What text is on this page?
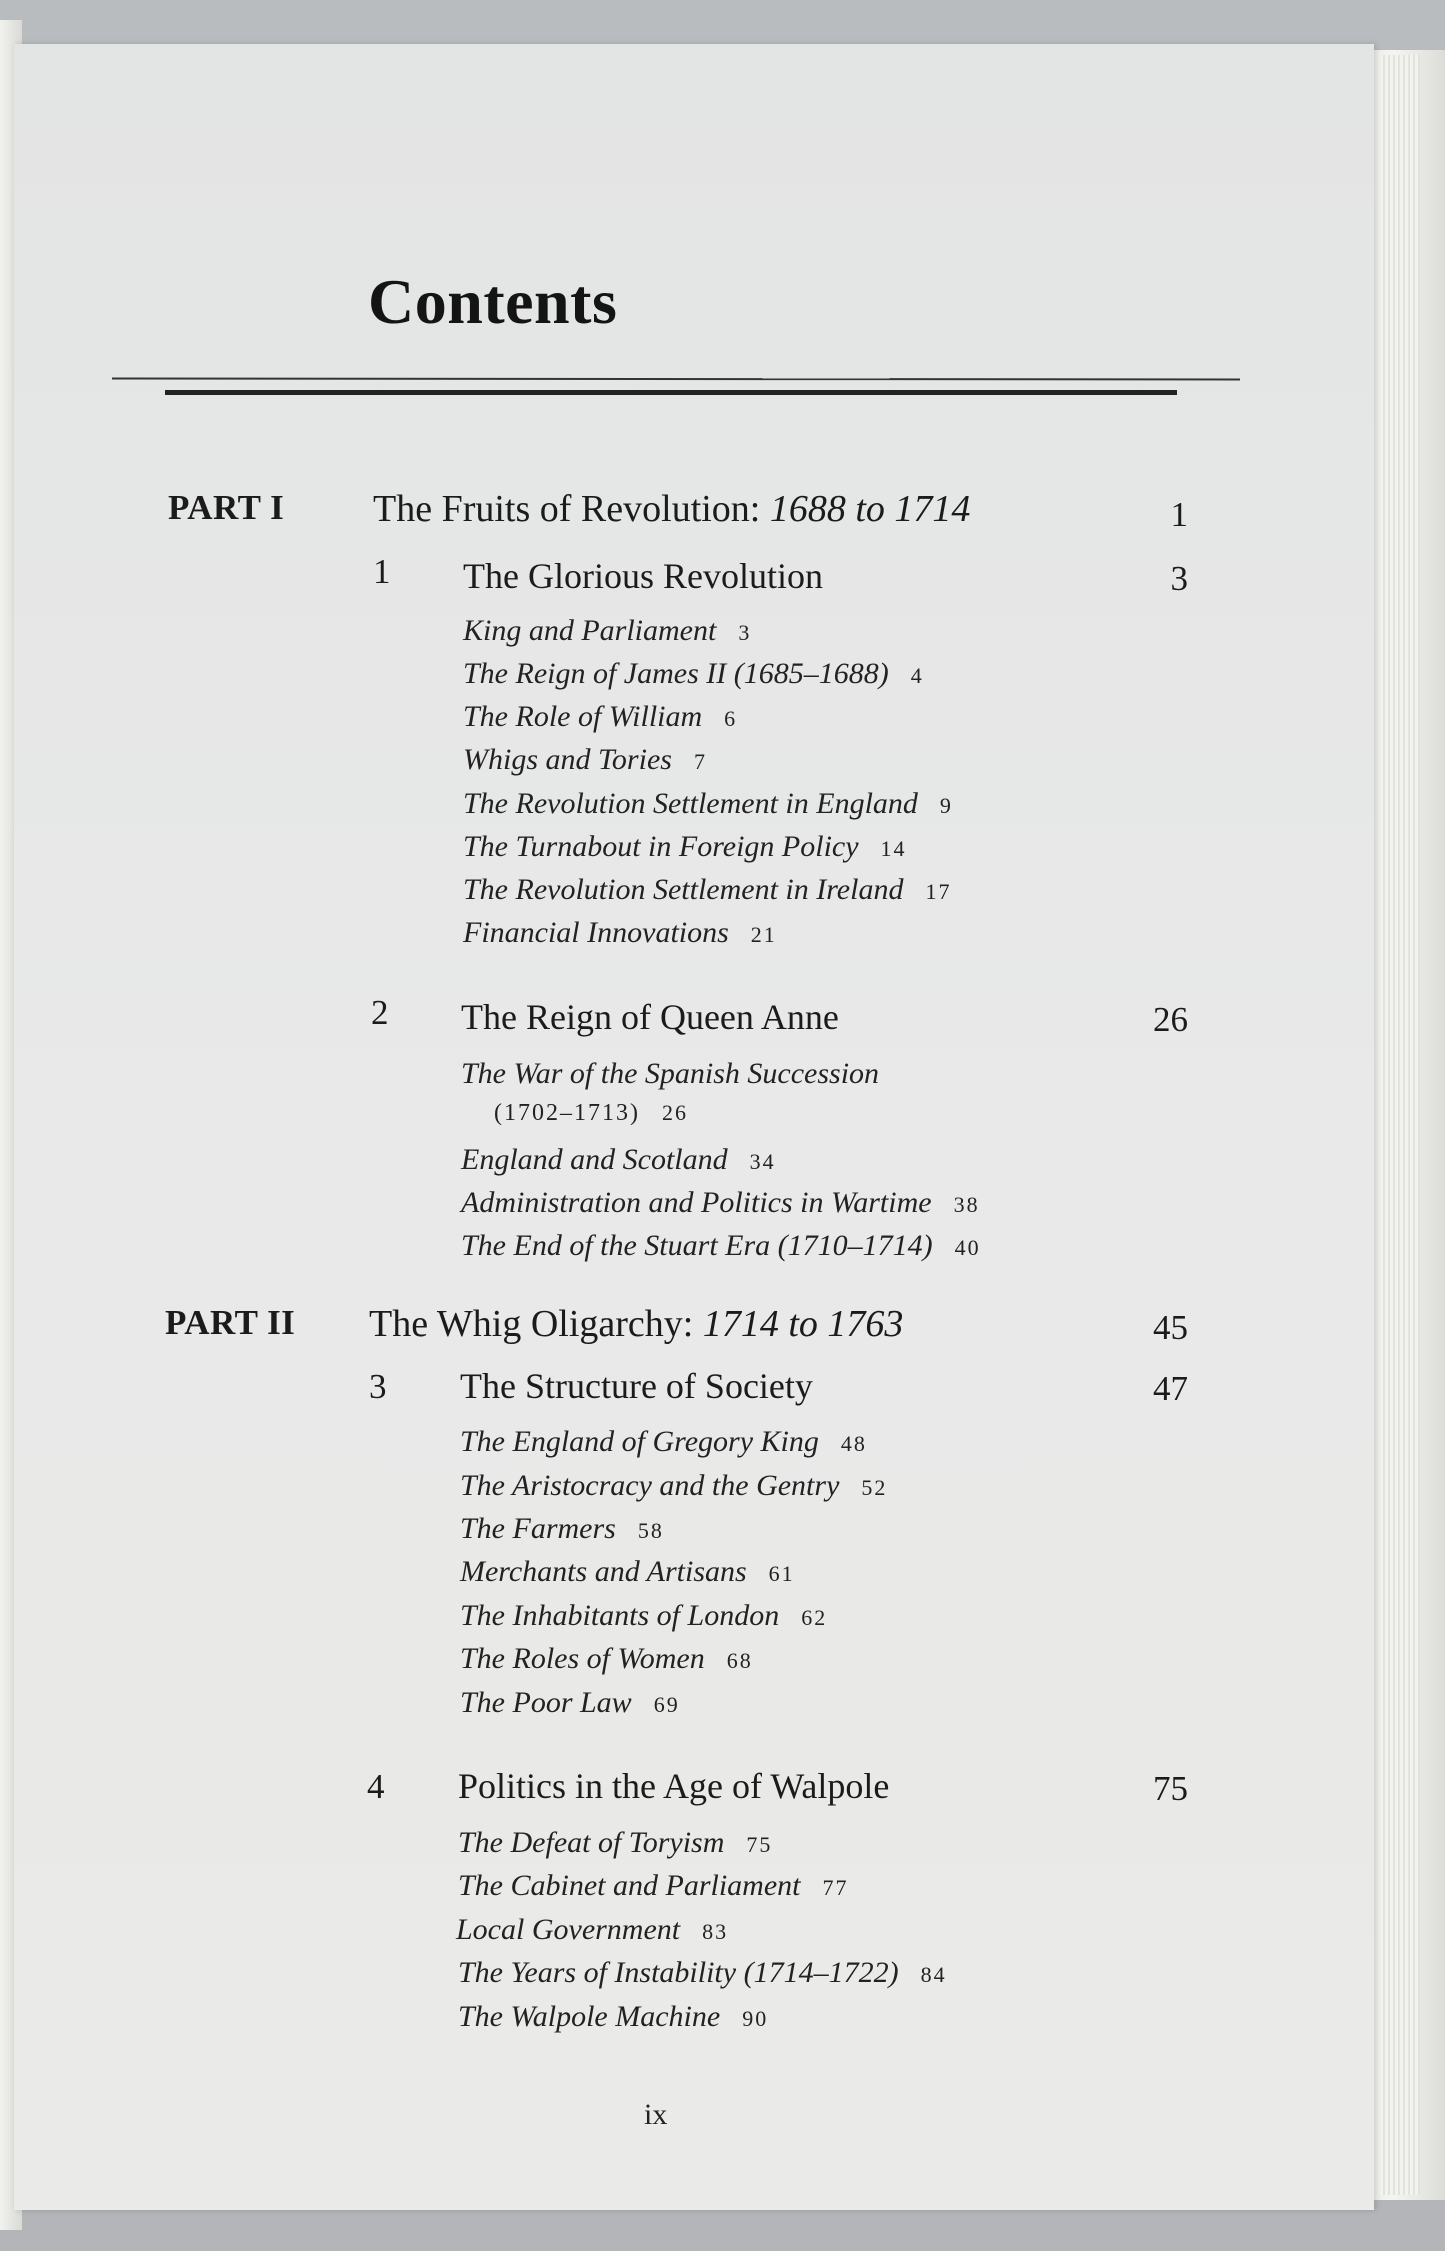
Contents
PART I The Fruits of Revolution: 1688 to 1714	1
1 The Glorious Revolution	3
King and Parliament 3
The Reign of James II (1685–1688) 4
The Role of William 6
Whigs and Tories 7
The Revolution Settlement in England 9
The Turnabout in Foreign Policy 14
The Revolution Settlement in Ireland 17
Financial Innovations 21
2 The Reign of Queen Anne	26
The War of the Spanish Succession
(1702–1713) 26
England and Scotland 34
Administration and Politics in Wartime 38
The End of the Stuart Era (1710–1714) 40
PART II The Whig Oligarchy: 1714 to 1763	45
3 The Structure of Society	47
The England of Gregory King 48
The Aristocracy and the Gentry 52
The Farmers 58
Merchants and Artisans 61
The Inhabitants of London 62
The Roles of Women 68
The Poor Law 69
4 Politics in the Age of Walpole	75
The Defeat of Toryism 75
The Cabinet and Parliament 77
Local Government 83
The Years of Instability (1714–1722) 84
The Walpole Machine 90
ix
